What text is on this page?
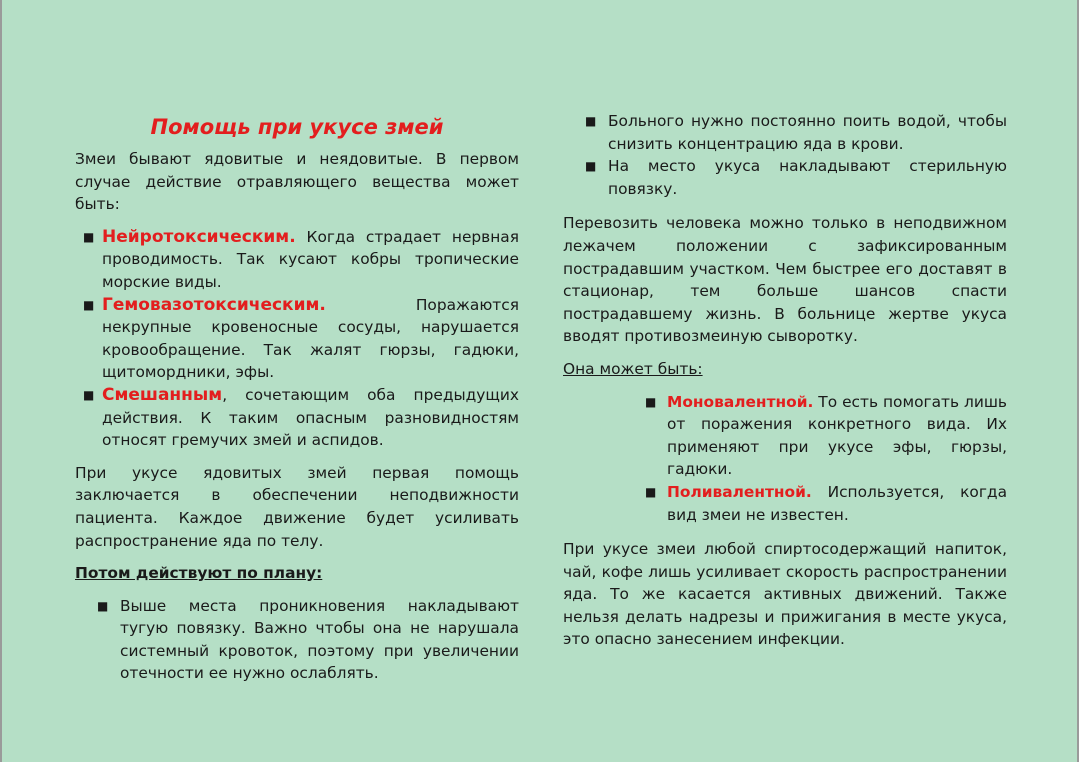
Помощь при укусе змей

Змеи бывают ядовитые и неядовитые. В первом случае действие отравляющего вещества может быть:

■ Нейротоксическим. Когда страдает нервная проводимость. Так кусают кобры тропические морские виды.
■ Гемовазотоксическим. Поражаются некрупные кровеносные сосуды, нарушается кровообращение. Так жалят гюрзы, гадюки, щитомордники, эфы.
■ Смешанным, сочетающим оба предыдущих действия. К таким опасным разновидностям относят гремучих змей и аспидов.

При укусе ядовитых змей первая помощь заключается в обеспечении неподвижности пациента. Каждое движение будет усиливать распространение яда по телу.

Потом действуют по плану:
■ Выше места проникновения накладывают тугую повязку. Важно чтобы она не нарушала системный кровоток, поэтому при увеличении отечности ее нужно ослаблять.
■ Больного нужно постоянно поить водой, чтобы снизить концентрацию яда в крови.
■ На место укуса накладывают стерильную повязку.

Перевозить человека можно только в неподвижном лежачем положении с зафиксированным пострадавшим участком. Чем быстрее его доставят в стационар, тем больше шансов спасти пострадавшему жизнь. В больнице жертве укуса вводят противозмеиную сыворотку.

Она может быть:
■ Моновалентной. То есть помогать лишь от поражения конкретного вида. Их применяют при укусе эфы, гюрзы, гадюки.
■ Поливалентной. Используется, когда вид змеи не известен.

При укусе змеи любой спиртосодержащий напиток, чай, кофе лишь усиливает скорость распространении яда. То же касается активных движений. Также нельзя делать надрезы и прижигания в месте укуса, это опасно занесением инфекции.
